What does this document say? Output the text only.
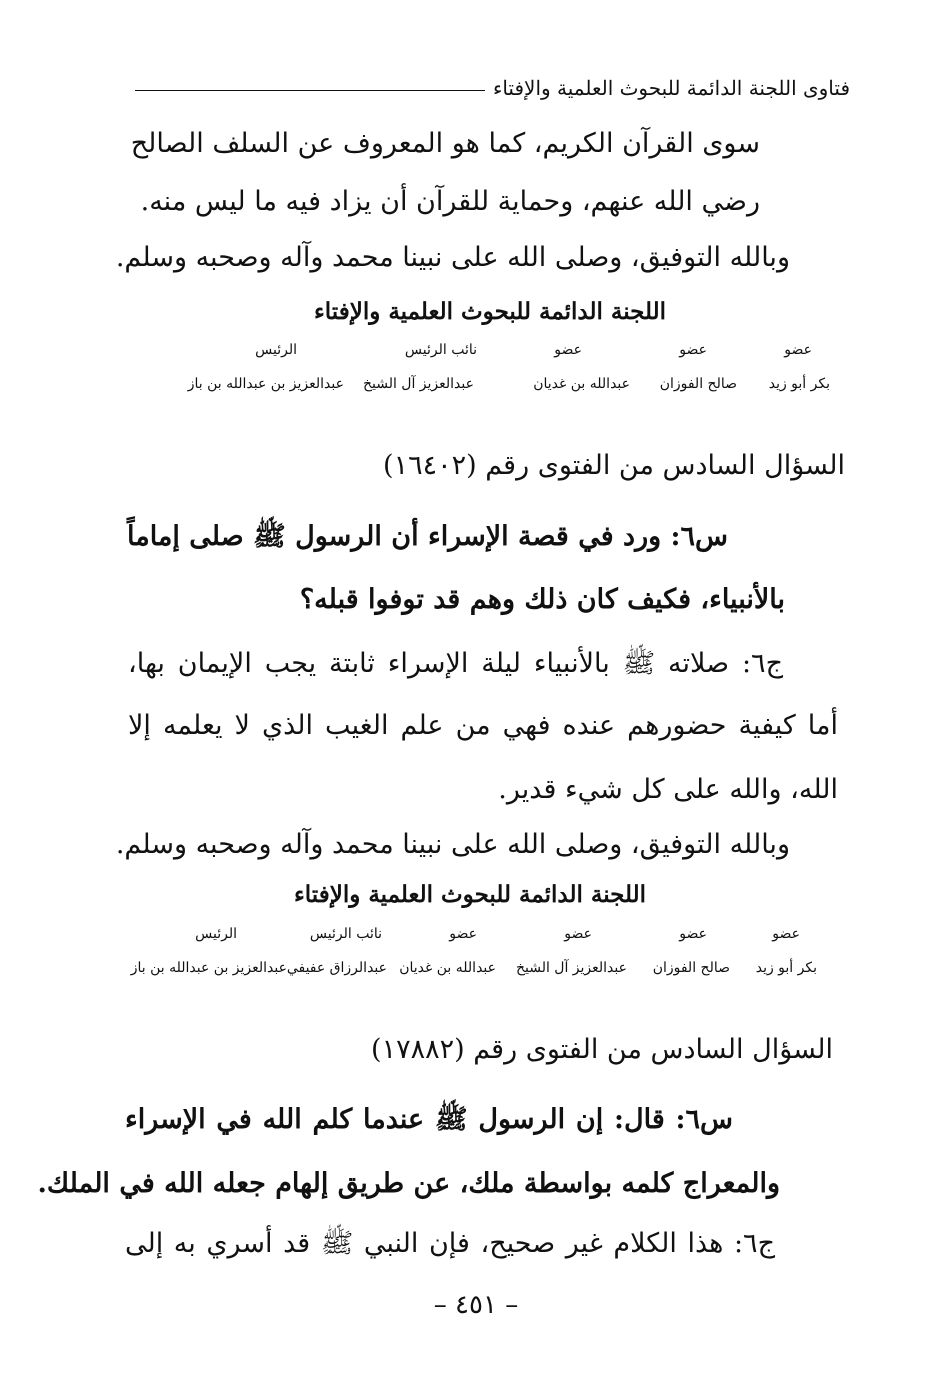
فتاوى اللجنة الدائمة للبحوث العلمية والإفتاء
سوى القرآن الكريم، كما هو المعروف عن السلف الصالح
رضي الله عنهم، وحماية للقرآن أن يزاد فيه ما ليس منه.
وبالله التوفيق، وصلى الله على نبينا محمد وآله وصحبه وسلم.
اللجنة الدائمة للبحوث العلمية والإفتاء
عضو
عضو
عضو
نائب الرئيس
الرئيس
بكر أبو زيد
صالح الفوزان
عبدالله بن غديان
عبدالعزيز آل الشيخ
عبدالعزيز بن عبدالله بن باز
السؤال السادس من الفتوى رقم (١٦٤٠٢)
س٦: ورد في قصة الإسراء أن الرسول ﷺ صلى إماماً
بالأنبياء، فكيف كان ذلك وهم قد توفوا قبله؟
ج٦: صلاته ﷺ بالأنبياء ليلة الإسراء ثابتة يجب الإيمان بها،
أما كيفية حضورهم عنده فهي من علم الغيب الذي لا يعلمه إلا
الله، والله على كل شيء قدير.
وبالله التوفيق، وصلى الله على نبينا محمد وآله وصحبه وسلم.
اللجنة الدائمة للبحوث العلمية والإفتاء
عضو
عضو
عضو
عضو
نائب الرئيس
الرئيس
بكر أبو زيد
صالح الفوزان
عبدالعزيز آل الشيخ
عبدالله بن غديان
عبدالرزاق عفيفي
عبدالعزيز بن عبدالله بن باز
السؤال السادس من الفتوى رقم (١٧٨٨٢)
س٦: قال: إن الرسول ﷺ عندما كلم الله في الإسراء
والمعراج كلمه بواسطة ملك، عن طريق إلهام جعله الله في الملك.
ج٦: هذا الكلام غير صحيح، فإن النبي ﷺ قد أسري به إلى
– ٤٥١ –
